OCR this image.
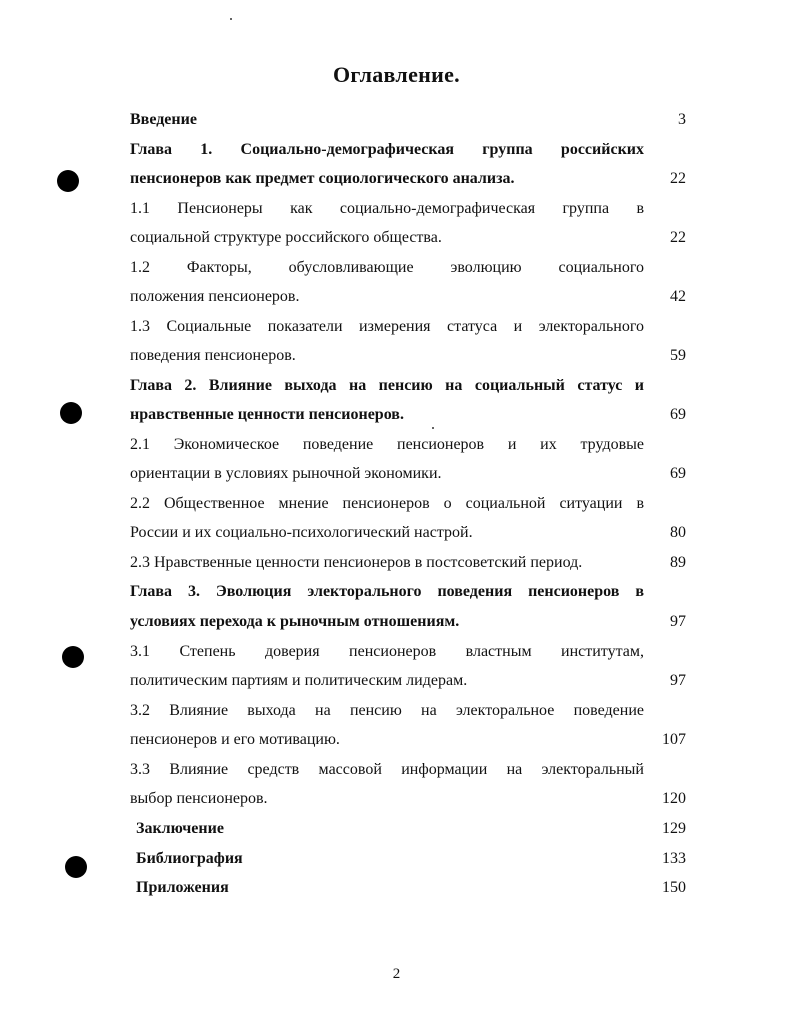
Оглавление.
Введение	3
Глава 1. Социально-демографическая группа российских
пенсионеров как предмет социологического анализа.	22
1.1 Пенсионеры как социально-демографическая группа в
социальной структуре российского общества.	22
1.2 Факторы, обусловливающие эволюцию социального
положения пенсионеров.	42
1.3 Социальные показатели измерения статуса и электорального
поведения пенсионеров.	59
Глава 2. Влияние выхода на пенсию на социальный статус и
нравственные ценности пенсионеров.	69
2.1 Экономическое поведение пенсионеров и их трудовые
ориентации в условиях рыночной экономики.	69
2.2 Общественное мнение пенсионеров о социальной ситуации в
России и их социально-психологический настрой.	80
2.3 Нравственные ценности пенсионеров в постсоветский период.	89
Глава 3. Эволюция электорального поведения пенсионеров в
условиях перехода к рыночным отношениям.	97
3.1 Степень доверия пенсионеров властным институтам,
политическим партиям и политическим лидерам.	97
3.2 Влияние выхода на пенсию на электоральное поведение
пенсионеров и его мотивацию.	107
3.3 Влияние средств массовой информации на электоральный
выбор пенсионеров.	120
Заключение	129
Библиография	133
Приложения	150
2
